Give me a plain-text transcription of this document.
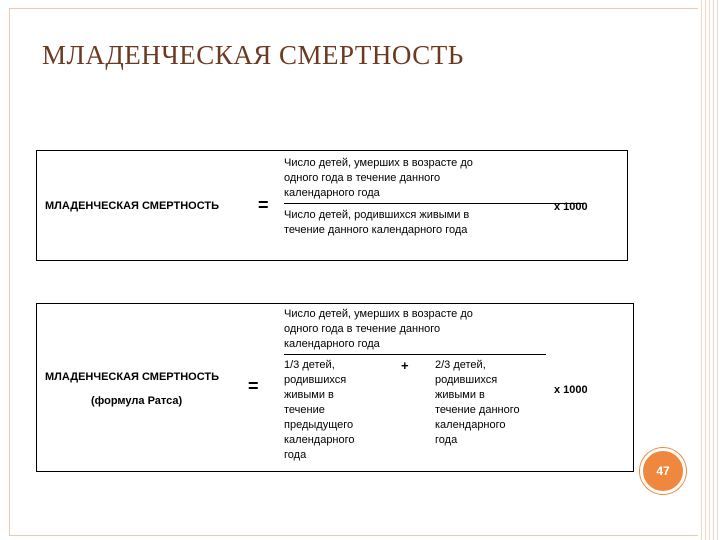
МЛАДЕНЧЕСКАЯ СМЕРТНОСТЬ
МЛАДЕНЧЕСКАЯ СМЕРТНОСТЬ =
Число детей, умерших в возрасте до
одного года в течение данного
календарного года
Число детей, родившихся живыми в
течение данного календарного года
х 1000
МЛАДЕНЧЕСКАЯ СМЕРТНОСТЬ
(формула Ратса)
=
Число детей, умерших в возрасте до
одного года в течение данного
календарного года
1/3 детей,
родившихся
живыми в
течение
предыдущего
календарного
года
+ 2/3 детей,
родившихся
живыми в
течение данного
календарного
года
х 1000
47
